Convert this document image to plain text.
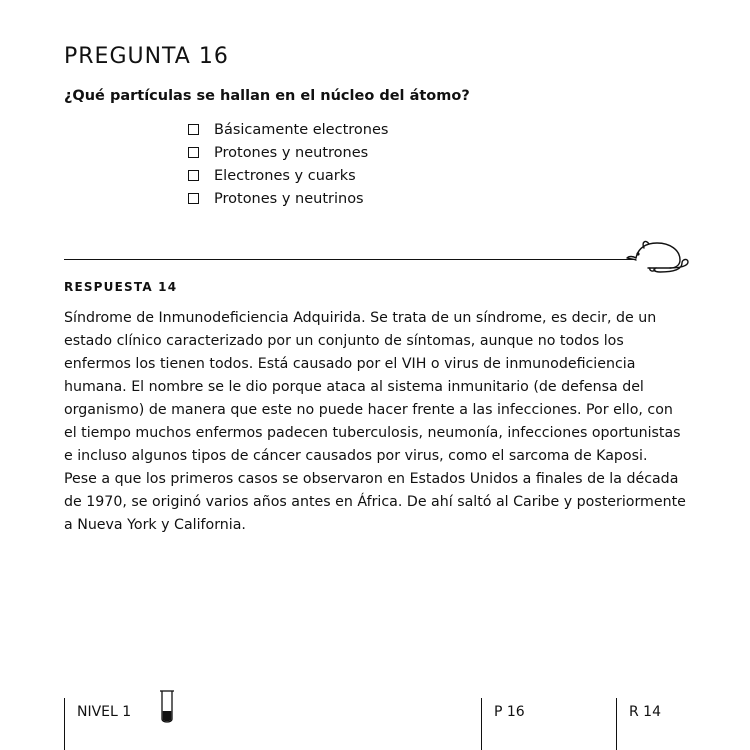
PREGUNTA 16

¿Qué partículas se hallan en el núcleo del átomo?

Básicamente electrones
Protones y neutrones
Electrones y cuarks
Protones y neutrinos
RESPUESTA 14

Síndrome de Inmunodeficiencia Adquirida. Se trata de un síndrome, es decir, de un estado clínico caracterizado por un conjunto de síntomas, aunque no todos los enfermos los tienen todos. Está causado por el VIH o virus de inmunodeficiencia humana. El nombre se le dio porque ataca al sistema inmunitario (de defensa del organismo) de manera que este no puede hacer frente a las infecciones. Por ello, con el tiempo muchos enfermos padecen tuberculosis, neumonía, infecciones oportunistas e incluso algunos tipos de cáncer causados por virus, como el sarcoma de Kaposi.

Pese a que los primeros casos se observaron en Estados Unidos a finales de la década de 1970, se originó varios años antes en África. De ahí saltó al Caribe y posteriormente a Nueva York y California.

NIVEL 1	P 16	R 14
